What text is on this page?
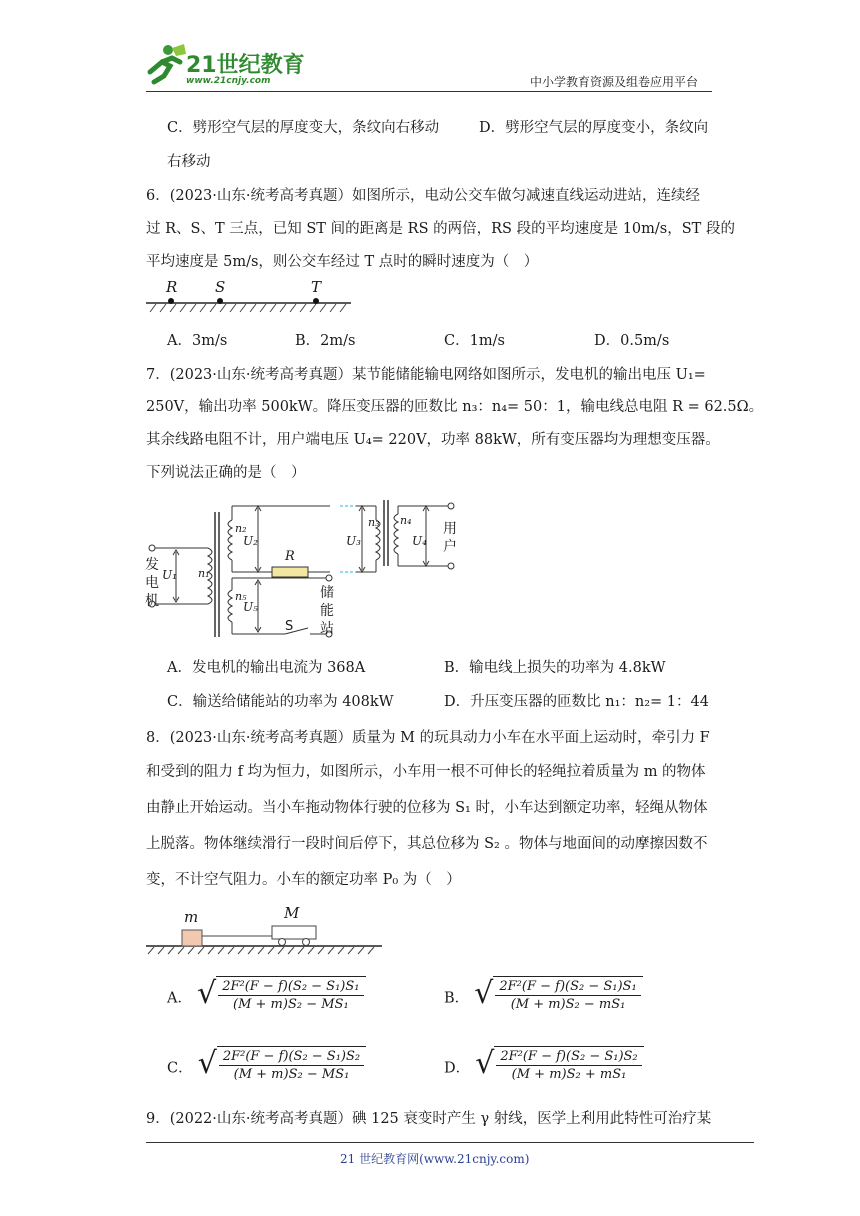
21世纪教育
www.21cnjy.com	中小学教育资源及组卷应用平台
C．劈形空气层的厚度变大，条纹向右移动	D．劈形空气层的厚度变小，条纹向
右移动
6．(2023·山东·统考高考真题）如图所示，电动公交车做匀减速直线运动进站，连续经
过 R、S、T 三点，已知 ST 间的距离是 RS 的两倍，RS 段的平均速度是 10m/s，ST 段的
平均速度是 5m/s，则公交车经过 T 点时的瞬时速度为（　）
R	S	T
A．3m/s	B．2m/s	C．1m/s	D．0.5m/s
7．(2023·山东·统考高考真题）某节能储能输电网络如图所示，发电机的输出电压 U₁=
250V，输出功率 500kW。降压变压器的匝数比 n₃：n₄= 50：1，输电线总电阻 R = 62.5Ω。
其余线路电阻不计，用户端电压 U₄= 220V，功率 88kW，所有变压器均为理想变压器。
下列说法正确的是（　）
发
电
机
U₁ n₁
n₂
U₂
R
U₃
n₃ n₄
U₄
用
户
n₅
U₅
S
储
能
站
A．发电机的输出电流为 368A	B．输电线上损失的功率为 4.8kW
C．输送给储能站的功率为 408kW	D．升压变压器的匝数比 n₁：n₂= 1：44
8．(2023·山东·统考高考真题）质量为 M 的玩具动力小车在水平面上运动时，牵引力 F
和受到的阻力 f 均为恒力，如图所示，小车用一根不可伸长的轻绳拉着质量为 m 的物体
由静止开始运动。当小车拖动物体行驶的位移为 S₁ 时，小车达到额定功率，轻绳从物体
上脱落。物体继续滑行一段时间后停下，其总位移为 S₂ 。物体与地面间的动摩擦因数不
变，不计空气阻力。小车的额定功率 P₀ 为（　）
m	M
A． √ $\frac{\text{2F²(F − f)(S₂ − S₁)S₁}}{\text{(M + m)S₂ − MS₁}}$	B． √ $\frac{\text{2F²(F − f)(S₂ − S₁)S₁}}{\text{(M + m)S₂ − mS₁}}$
C． √ $\frac{\text{2F²(F − f)(S₂ − S₁)S₂}}{\text{(M + m)S₂ − MS₁}}$	D． √ $\frac{\text{2F²(F − f)(S₂ − S₁)S₂}}{\text{(M + m)S₂ + mS₁}}$
9．(2022·山东·统考高考真题）碘 125 衰变时产生 γ 射线，医学上利用此特性可治疗某
21 世纪教育网(www.21cnjy.com)
